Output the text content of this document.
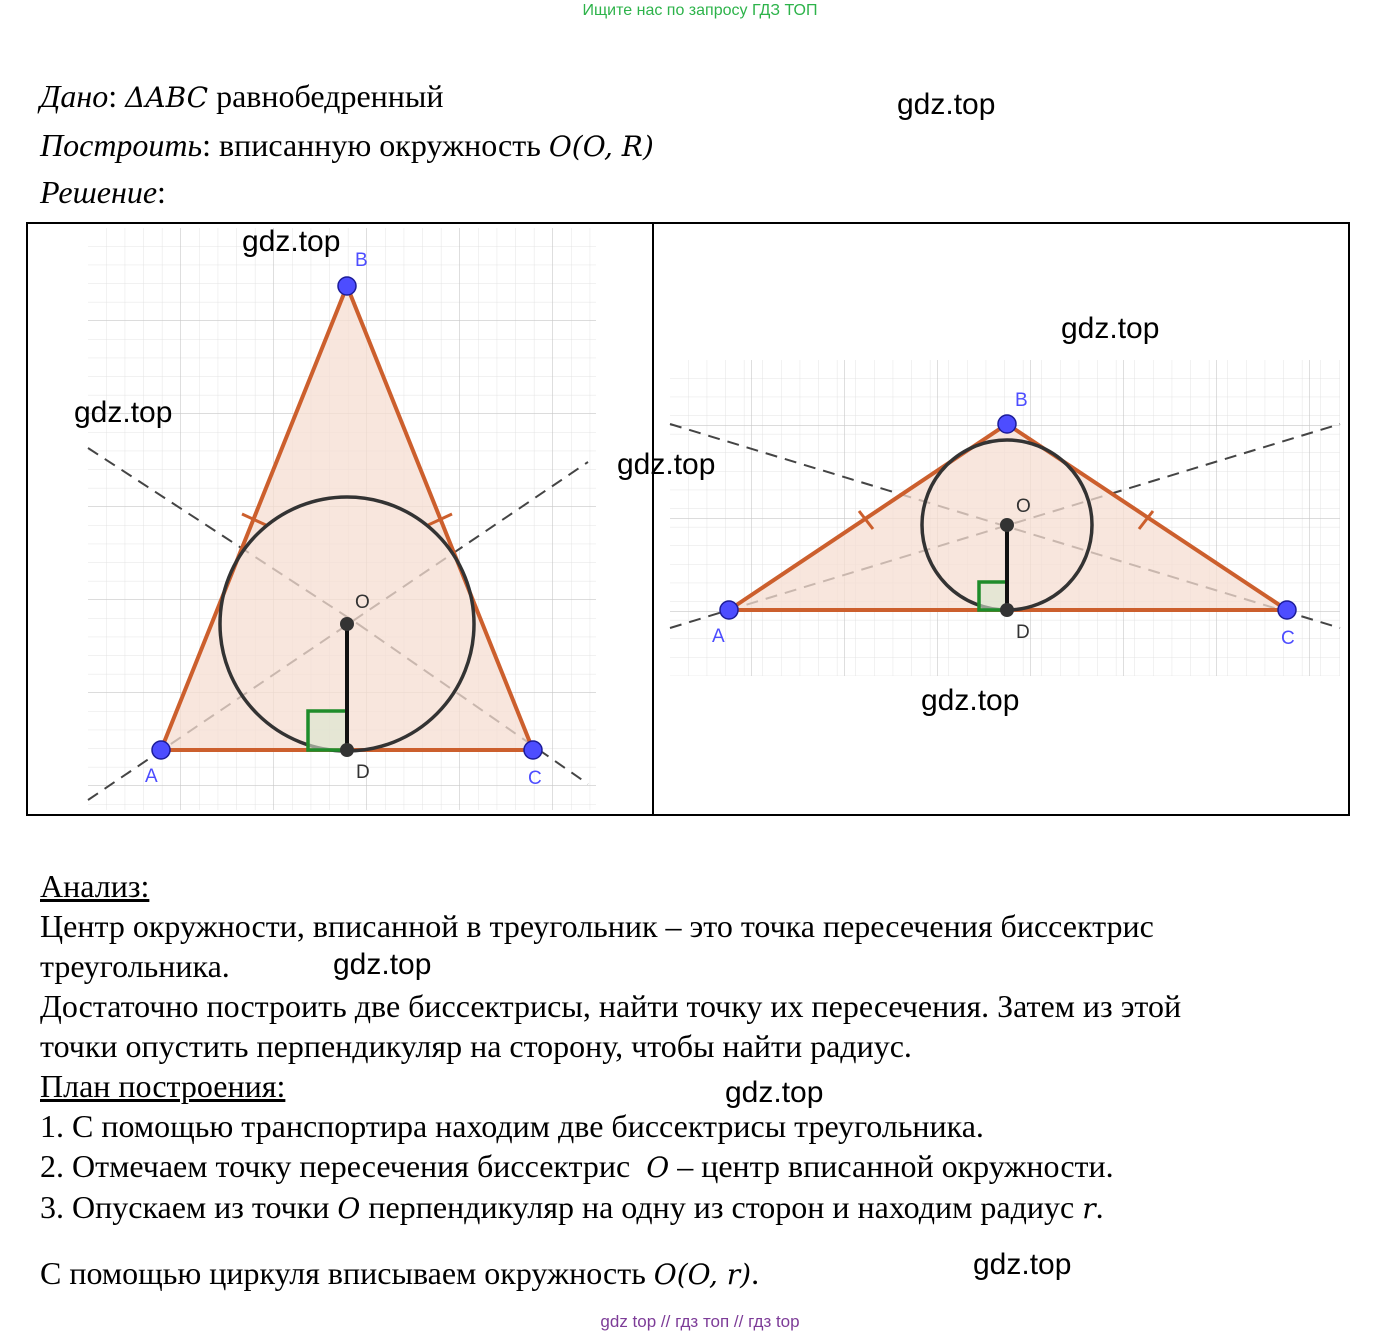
Ищите нас по запросу ГДЗ ТОП
Дано: ΔABC равнобедренный
Построить: вписанную окружность O(O, R)
Решение:
B
A	C
O
D
B
A	C
O
D
gdz.top
gdz.top
gdz.top
gdz.top
gdz.top
gdz.top
gdz.top
gdz.top
gdz.top
Анализ:
Центр окружности, вписанной в треугольник – это точка пересечения биссектрис
треугольника.
Достаточно построить две биссектрисы, найти точку их пересечения. Затем из этой
точки опустить перпендикуляр на сторону, чтобы найти радиус.
План построения:
1. С помощью транспортира находим две биссектрисы треугольника.
2. Отмечаем точку пересечения биссектрис O – центр вписанной окружности.
3. Опускаем из точки O перпендикуляр на одну из сторон и находим радиус r.
С помощью циркуля вписываем окружность O(O, r).
gdz top // гдз топ // гдз top
